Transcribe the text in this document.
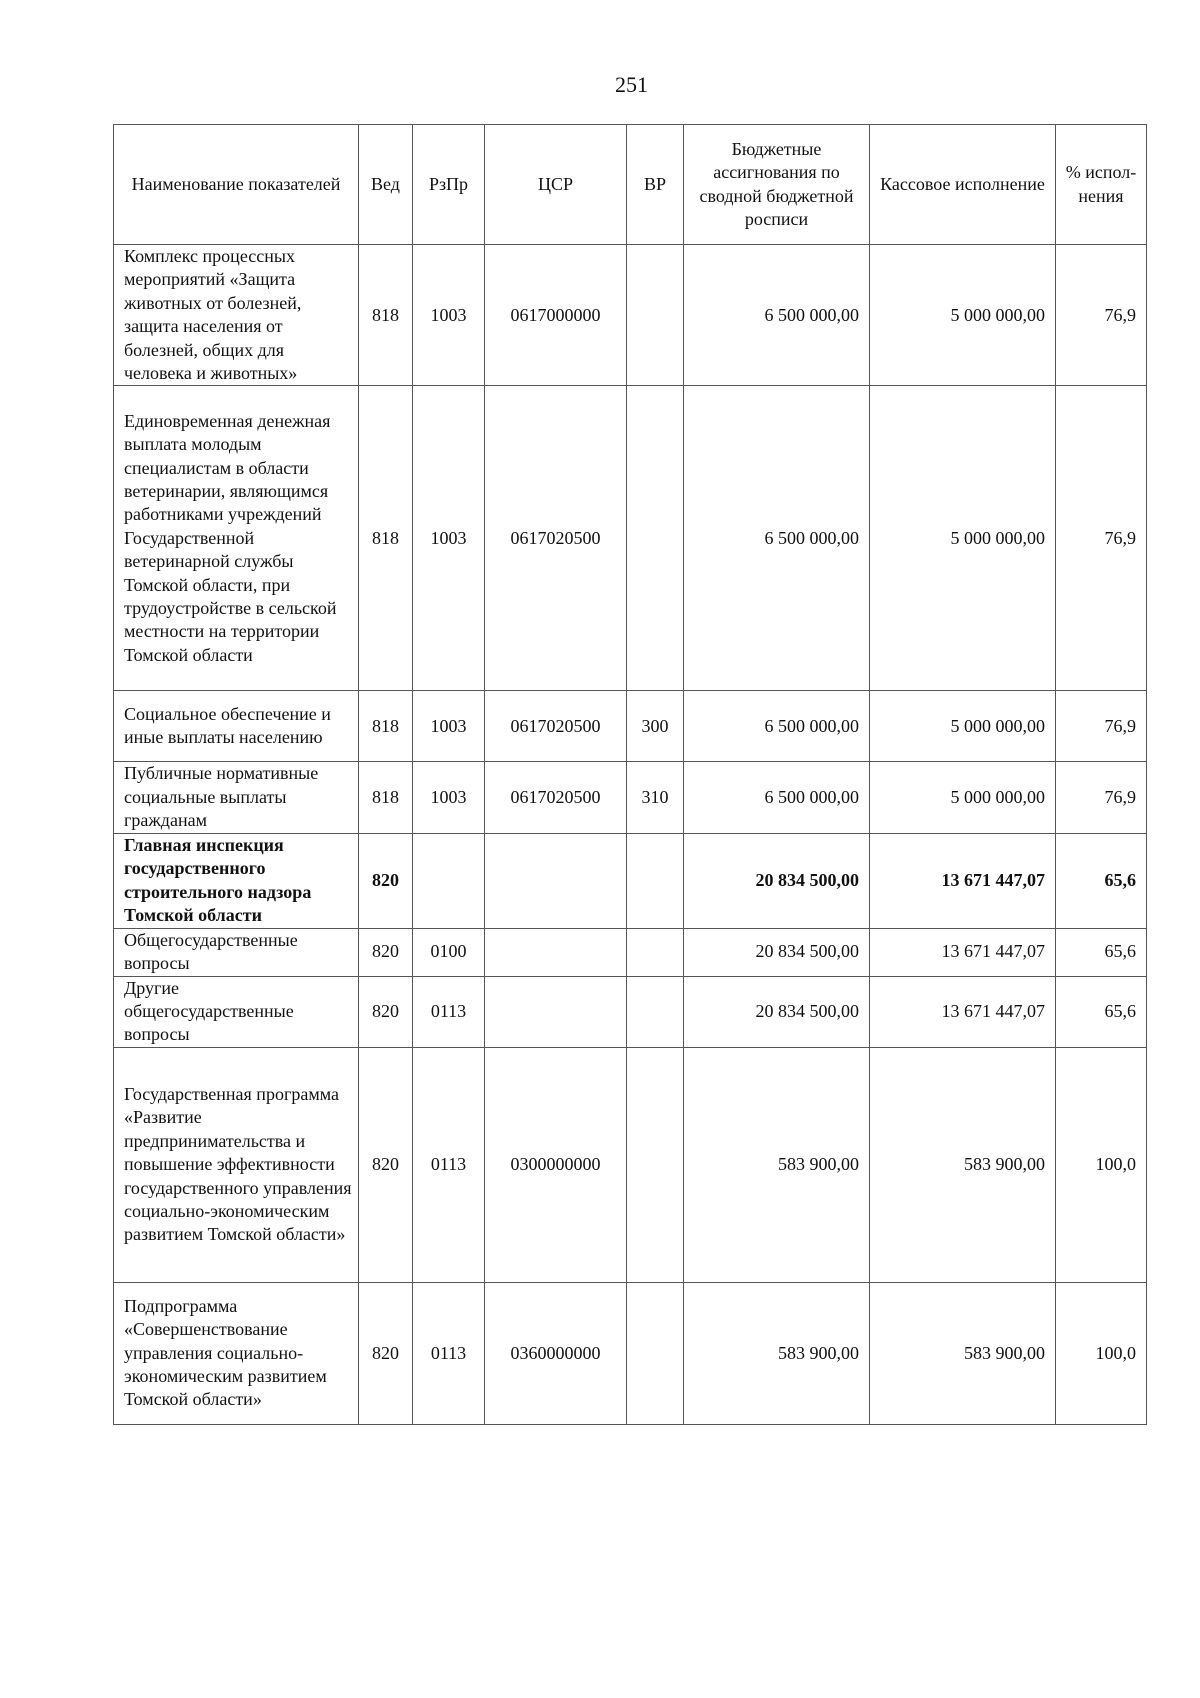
251
Наименование показателей	Вед	РзПр	ЦСР	ВР	Бюджетные ассигнования по сводной бюджетной росписи	Кассовое исполнение	% испол-нения
Комплекс процессных мероприятий «Защита животных от болезней, защита населения от болезней, общих для человека и животных»	818	1003	0617000000		6 500 000,00	5 000 000,00	76,9
Единовременная денежная выплата молодым специалистам в области ветеринарии, являющимся работниками учреждений Государственной ветеринарной службы Томской области, при трудоустройстве в сельской местности на территории Томской области	818	1003	0617020500		6 500 000,00	5 000 000,00	76,9
Социальное обеспечение и иные выплаты населению	818	1003	0617020500	300	6 500 000,00	5 000 000,00	76,9
Публичные нормативные социальные выплаты гражданам	818	1003	0617020500	310	6 500 000,00	5 000 000,00	76,9
Главная инспекция государственного строительного надзора Томской области	820				20 834 500,00	13 671 447,07	65,6
Общегосударственные вопросы	820	0100			20 834 500,00	13 671 447,07	65,6
Другие общегосударственные вопросы	820	0113			20 834 500,00	13 671 447,07	65,6
Государственная программа «Развитие предпринимательства и повышение эффективности государственного управления социально-экономическим развитием Томской области»	820	0113	0300000000		583 900,00	583 900,00	100,0
Подпрограмма «Совершенствование управления социально-экономическим развитием Томской области»	820	0113	0360000000		583 900,00	583 900,00	100,0
